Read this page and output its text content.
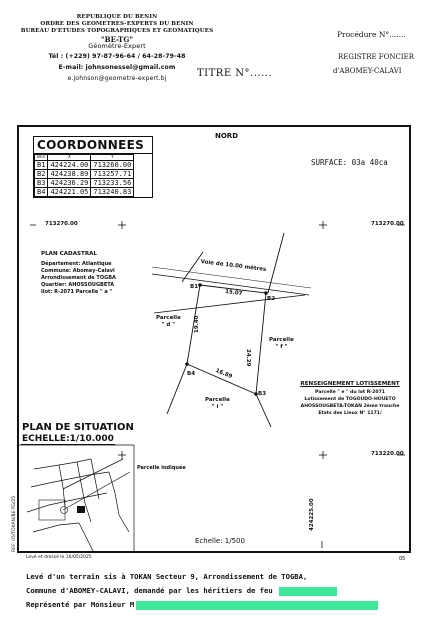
REPUBLIQUE DU BENIN
ORDRE DES GEOMETRES-EXPERTS DU BENIN
BUREAU D'ETUDES TOPOGRAPHIQUES ET GEOMATIQUES
"BE-TG"
Géomètre-Expert
Tél : (+229) 97-87-96-64 / 64-28-79-48
E-mail: johnsonessel@gmail.com
e.johnson@geometre-expert.bj	TITRE N°......
Procédure N°.......
REGISTRE FONCIER
d'ABOMEY-CALAVI
NORD
COORDONNEES
Bns	X	Y
B1	424224.00	713260.00
B2	424238.89	713257.71
B3	424236.29	713233.56
B4	424221.05	713240.83
SURFACE: 03a 40ca
713270.00	713270.00
713220.00
424225.00
PLAN CADASTRAL
Département: Atlantique
Commune: Abomey-Calavi
Arrondissement de TOGBA
Quartier: AHOSSOUGBETA
Ilot: R-2071 Parcelle " a "
Voie de 10.00 mètres
B1
B2
B3
B4
15.07
19.40
24.29
16.89
Parcelle
" d "
Parcelle
" f "
Parcelle
" i "
RENSEIGNEMENT LOTISSEMENT
Parcelle " e " du lot R-2071
Lotissement de TOGOUDO-HOUETO
AHOSSOUGBETA-TOKAN 2ème tranche
Etats des Lieux N° 1171/
PLAN DE SITUATION
ECHELLE:1/10.000
Parcelle indiquée
Echelle: 1/500
REF: 05/TOKAN/BE-TG/25
Levé et dressé le 16/05/2025	05
Levé d'un terrain sis à TOKAN Secteur 9, Arrondissement de TOGBA,
Commune d'ABOMEY-CALAVI, demandé par les héritiers de feu
Représenté par Monsieur M
